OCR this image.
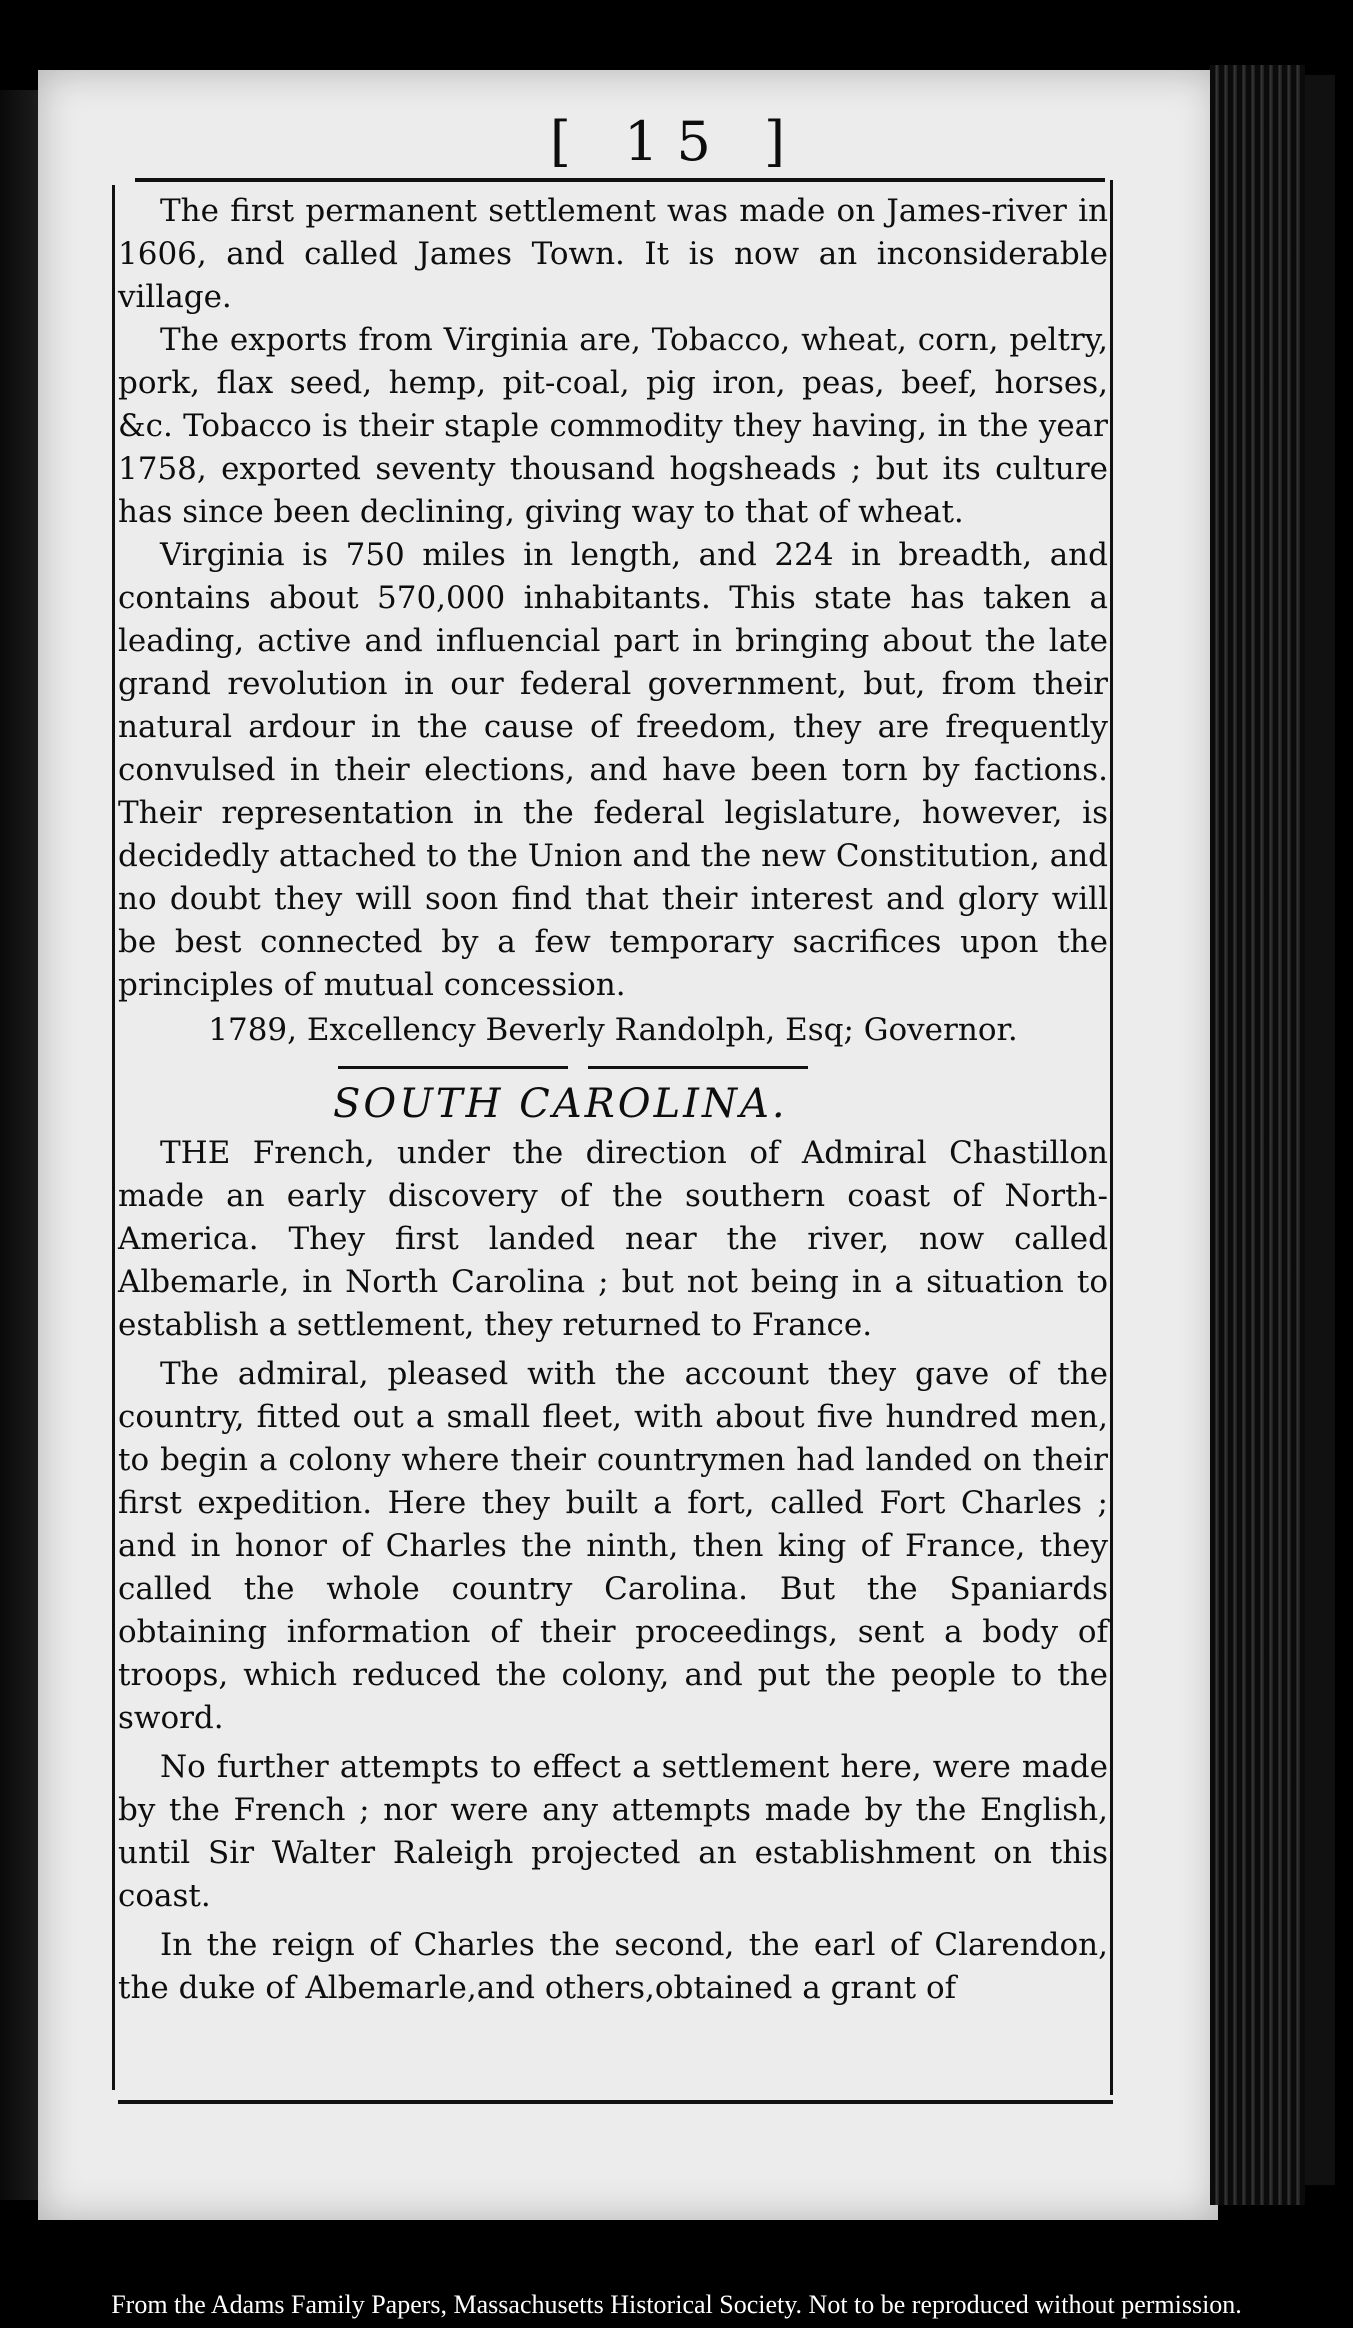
[ 15 ]

The first permanent settlement was made on James-river in 1606, and called James Town. It is now an inconsiderable village.

The exports from Virginia are, Tobacco, wheat, corn, peltry, pork, flax seed, hemp, pit-coal, pig iron, peas, beef, horses, &c. Tobacco is their staple commodity they having, in the year 1758, exported seventy thousand hogsheads ; but its culture has since been declining, giving way to that of wheat.

Virginia is 750 miles in length, and 224 in breadth, and contains about 570,000 inhabitants. This state has taken a leading, active and influencial part in bringing about the late grand revolution in our federal government, but, from their natural ardour in the cause of freedom, they are frequently convulsed in their elections, and have been torn by factions. Their representation in the federal legislature, however, is decidedly attached to the Union and the new Constitution, and no doubt they will soon find that their interest and glory will be best connected by a few temporary sacrifices upon the principles of mutual concession.

1789, Excellency Beverly Randolph, Esq; Governor.

SOUTH CAROLINA.

THE French, under the direction of Admiral Chastillon made an early discovery of the southern coast of North-America. They first landed near the river, now called Albemarle, in North Carolina ; but not being in a situation to establish a settlement, they returned to France.

The admiral, pleased with the account they gave of the country, fitted out a small fleet, with about five hundred men, to begin a colony where their countrymen had landed on their first expedition. Here they built a fort, called Fort Charles ; and in honor of Charles the ninth, then king of France, they called the whole country Carolina. But the Spaniards obtaining information of their proceedings, sent a body of troops, which reduced the colony, and put the people to the sword.

No further attempts to effect a settlement here, were made by the French ; nor were any attempts made by the English, until Sir Walter Raleigh projected an establishment on this coast.

In the reign of Charles the second, the earl of Clarendon, the duke of Albemarle,and others,obtained a grant of

From the Adams Family Papers, Massachusetts Historical Society. Not to be reproduced without permission.
